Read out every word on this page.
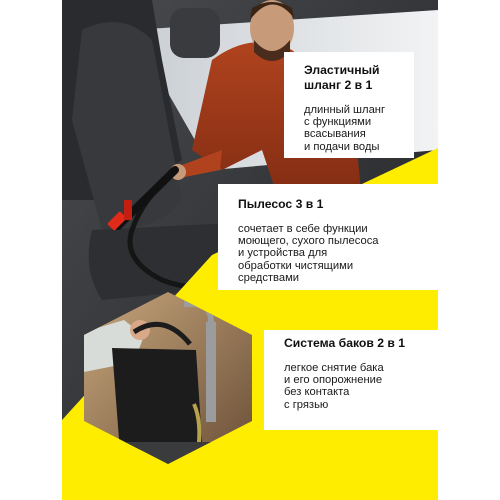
Эластичный шланг 2 в 1
длинный шланг
с функциями
всасывания
и подачи воды
Пылесос 3 в 1
сочетает в себе функции
моющего, сухого пылесоса
и устройства для
обработки чистящими
средствами
Система баков 2 в 1
легкое снятие бака
и его опорожнение
без контакта
с грязью
